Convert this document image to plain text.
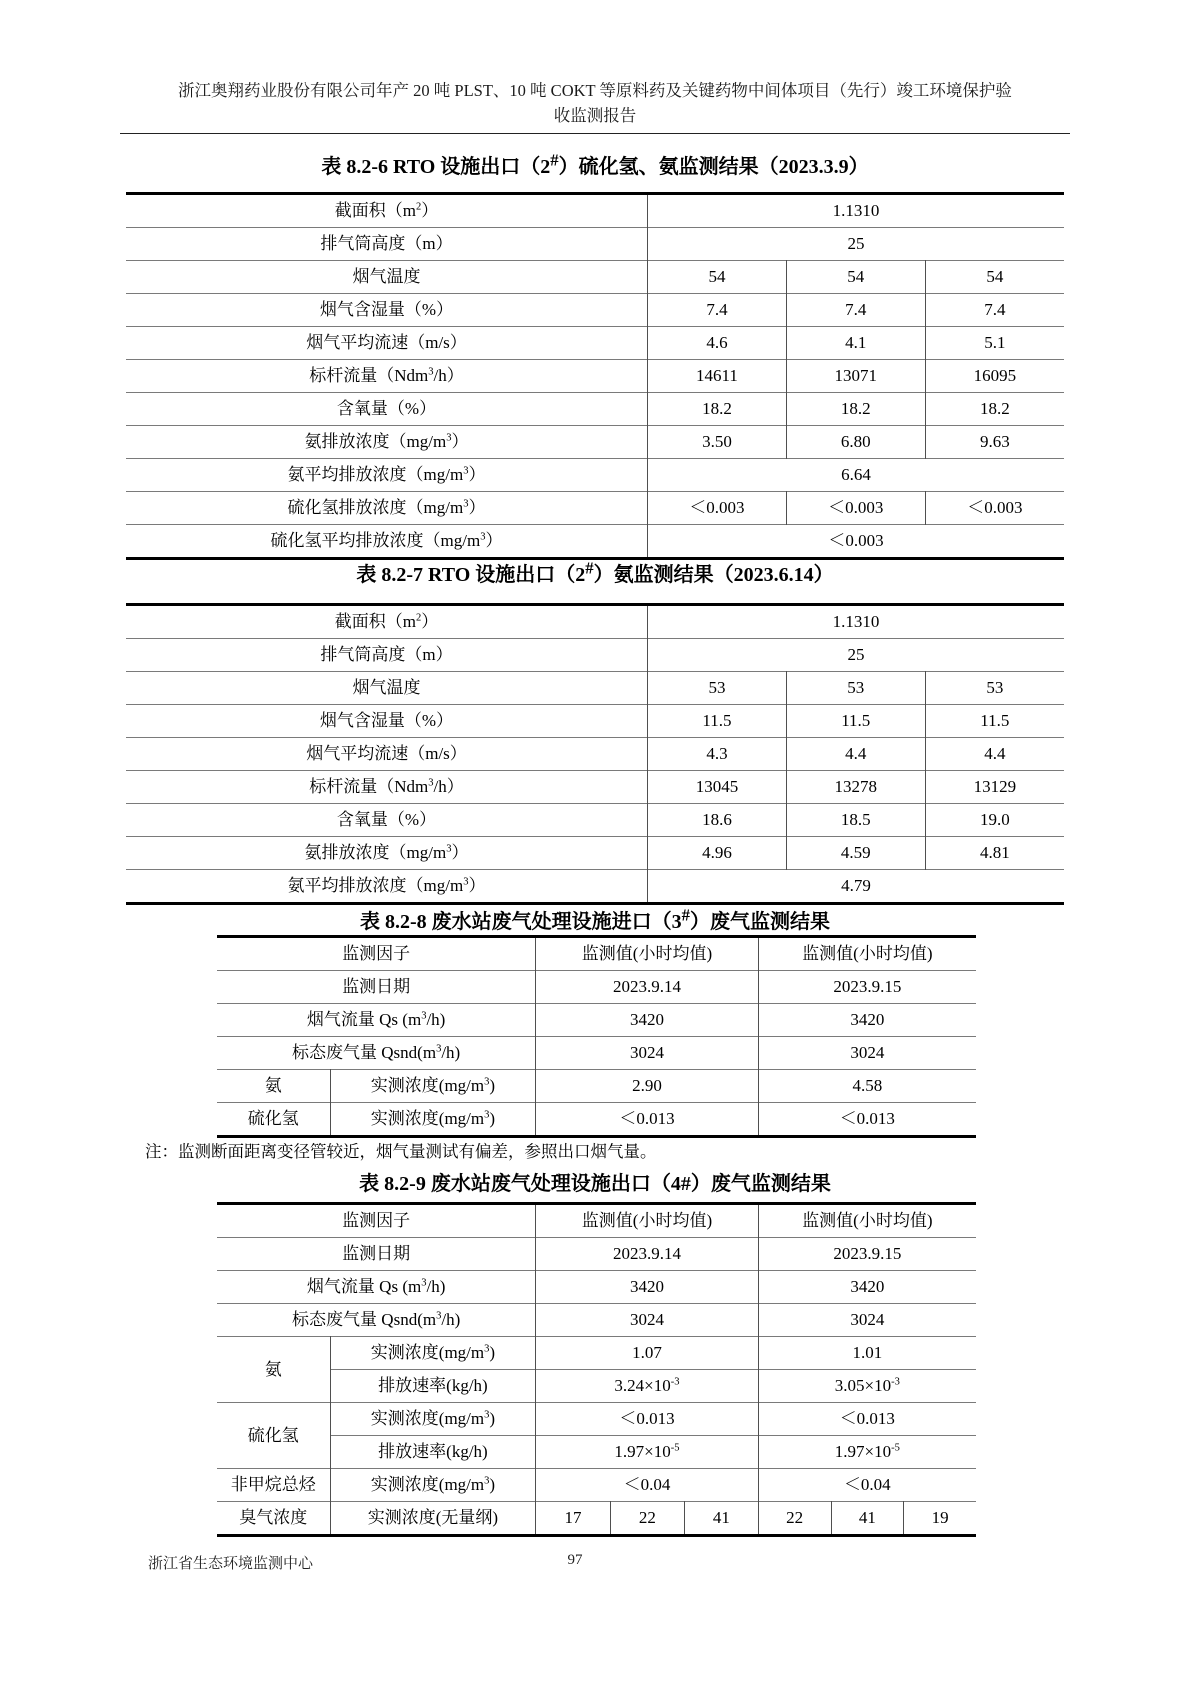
浙江奥翔药业股份有限公司年产 20 吨 PLST、10 吨 COKT 等原料药及关键药物中间体项目（先行）竣工环境保护验
收监测报告
表 8.2-6 RTO 设施出口（2#）硫化氢、氨监测结果（2023.3.9）
截面积$(m^2)$	1.1310		
排气筒高度（m）	25		
烟气温度	54	54	54
烟气含湿量（%）	7.4	7.4	7.4
烟气平均流速（m/s）	4.6	4.1	5.1
标杆流量（Ndm$^3$/h）	14611	13071	16095
含氧量（%）	18.2	18.2	18.2
氨排放浓度$(mg/m^3)$	3.50	6.80	9.63
氨平均排放浓度$(mg/m^3)$	6.64		
硫化氢排放浓度$(mg/m^3)$	＜0.003	＜0.003	＜0.003
硫化氢平均排放浓度$(mg/m^3)$	＜0.003		
表 8.2-7 RTO 设施出口（2#）氨监测结果（2023.6.14）
截面积$(m^2)$	1.1310		
排气筒高度（m）	25		
烟气温度	53	53	53
烟气含湿量（%）	11.5	11.5	11.5
烟气平均流速（m/s）	4.3	4.4	4.4
标杆流量（Ndm$^3$/h）	13045	13278	13129
含氧量（%）	18.6	18.5	19.0
氨排放浓度$(mg/m^3)$	4.96	4.59	4.81
氨平均排放浓度$(mg/m^3)$	4.79		
表 8.2-8 废水站废气处理设施进口（3#）废气监测结果
监测因子		监测值(小时均值)	监测值(小时均值)
监测日期		2023.9.14	2023.9.15
烟气流量 Qs $(m^3/h)$		3420	3420
标态废气量 $Qsnd(m^3/h)$		3024	3024
氨	实测浓度$(mg/m^3)$	2.90	4.58
硫化氢	实测浓度$(mg/m^3)$	＜0.013	＜0.013
注：监测断面距离变径管较近，烟气量测试有偏差，参照出口烟气量。
表 8.2-9 废水站废气处理设施出口（4#）废气监测结果
监测因子		监测值(小时均值)			监测值(小时均值)		
监测日期		2023.9.14			2023.9.15		
烟气流量 Qs $(m^3/h)$		3420			3420		
标态废气量 $Qsnd(m^3/h)$		3024			3024		
氨	实测浓度$(mg/m^3)$	1.07			1.01		
	排放速率(kg/h)	$3.24\times 10^{-3}$			$3.05\times 10^{-3}$
硫化氢	实测浓度$(mg/m^3)$	＜0.013			＜0.013		
	排放速率(kg/h)	$1.97\times 10^{-5}$			$1.97\times 10^{-5}$
非甲烷总烃	实测浓度$(mg/m^3)$	＜0.04			＜0.04		
臭气浓度	实测浓度(无量纲)	17	22	41	22	41	19
浙江省生态环境监测中心	97
